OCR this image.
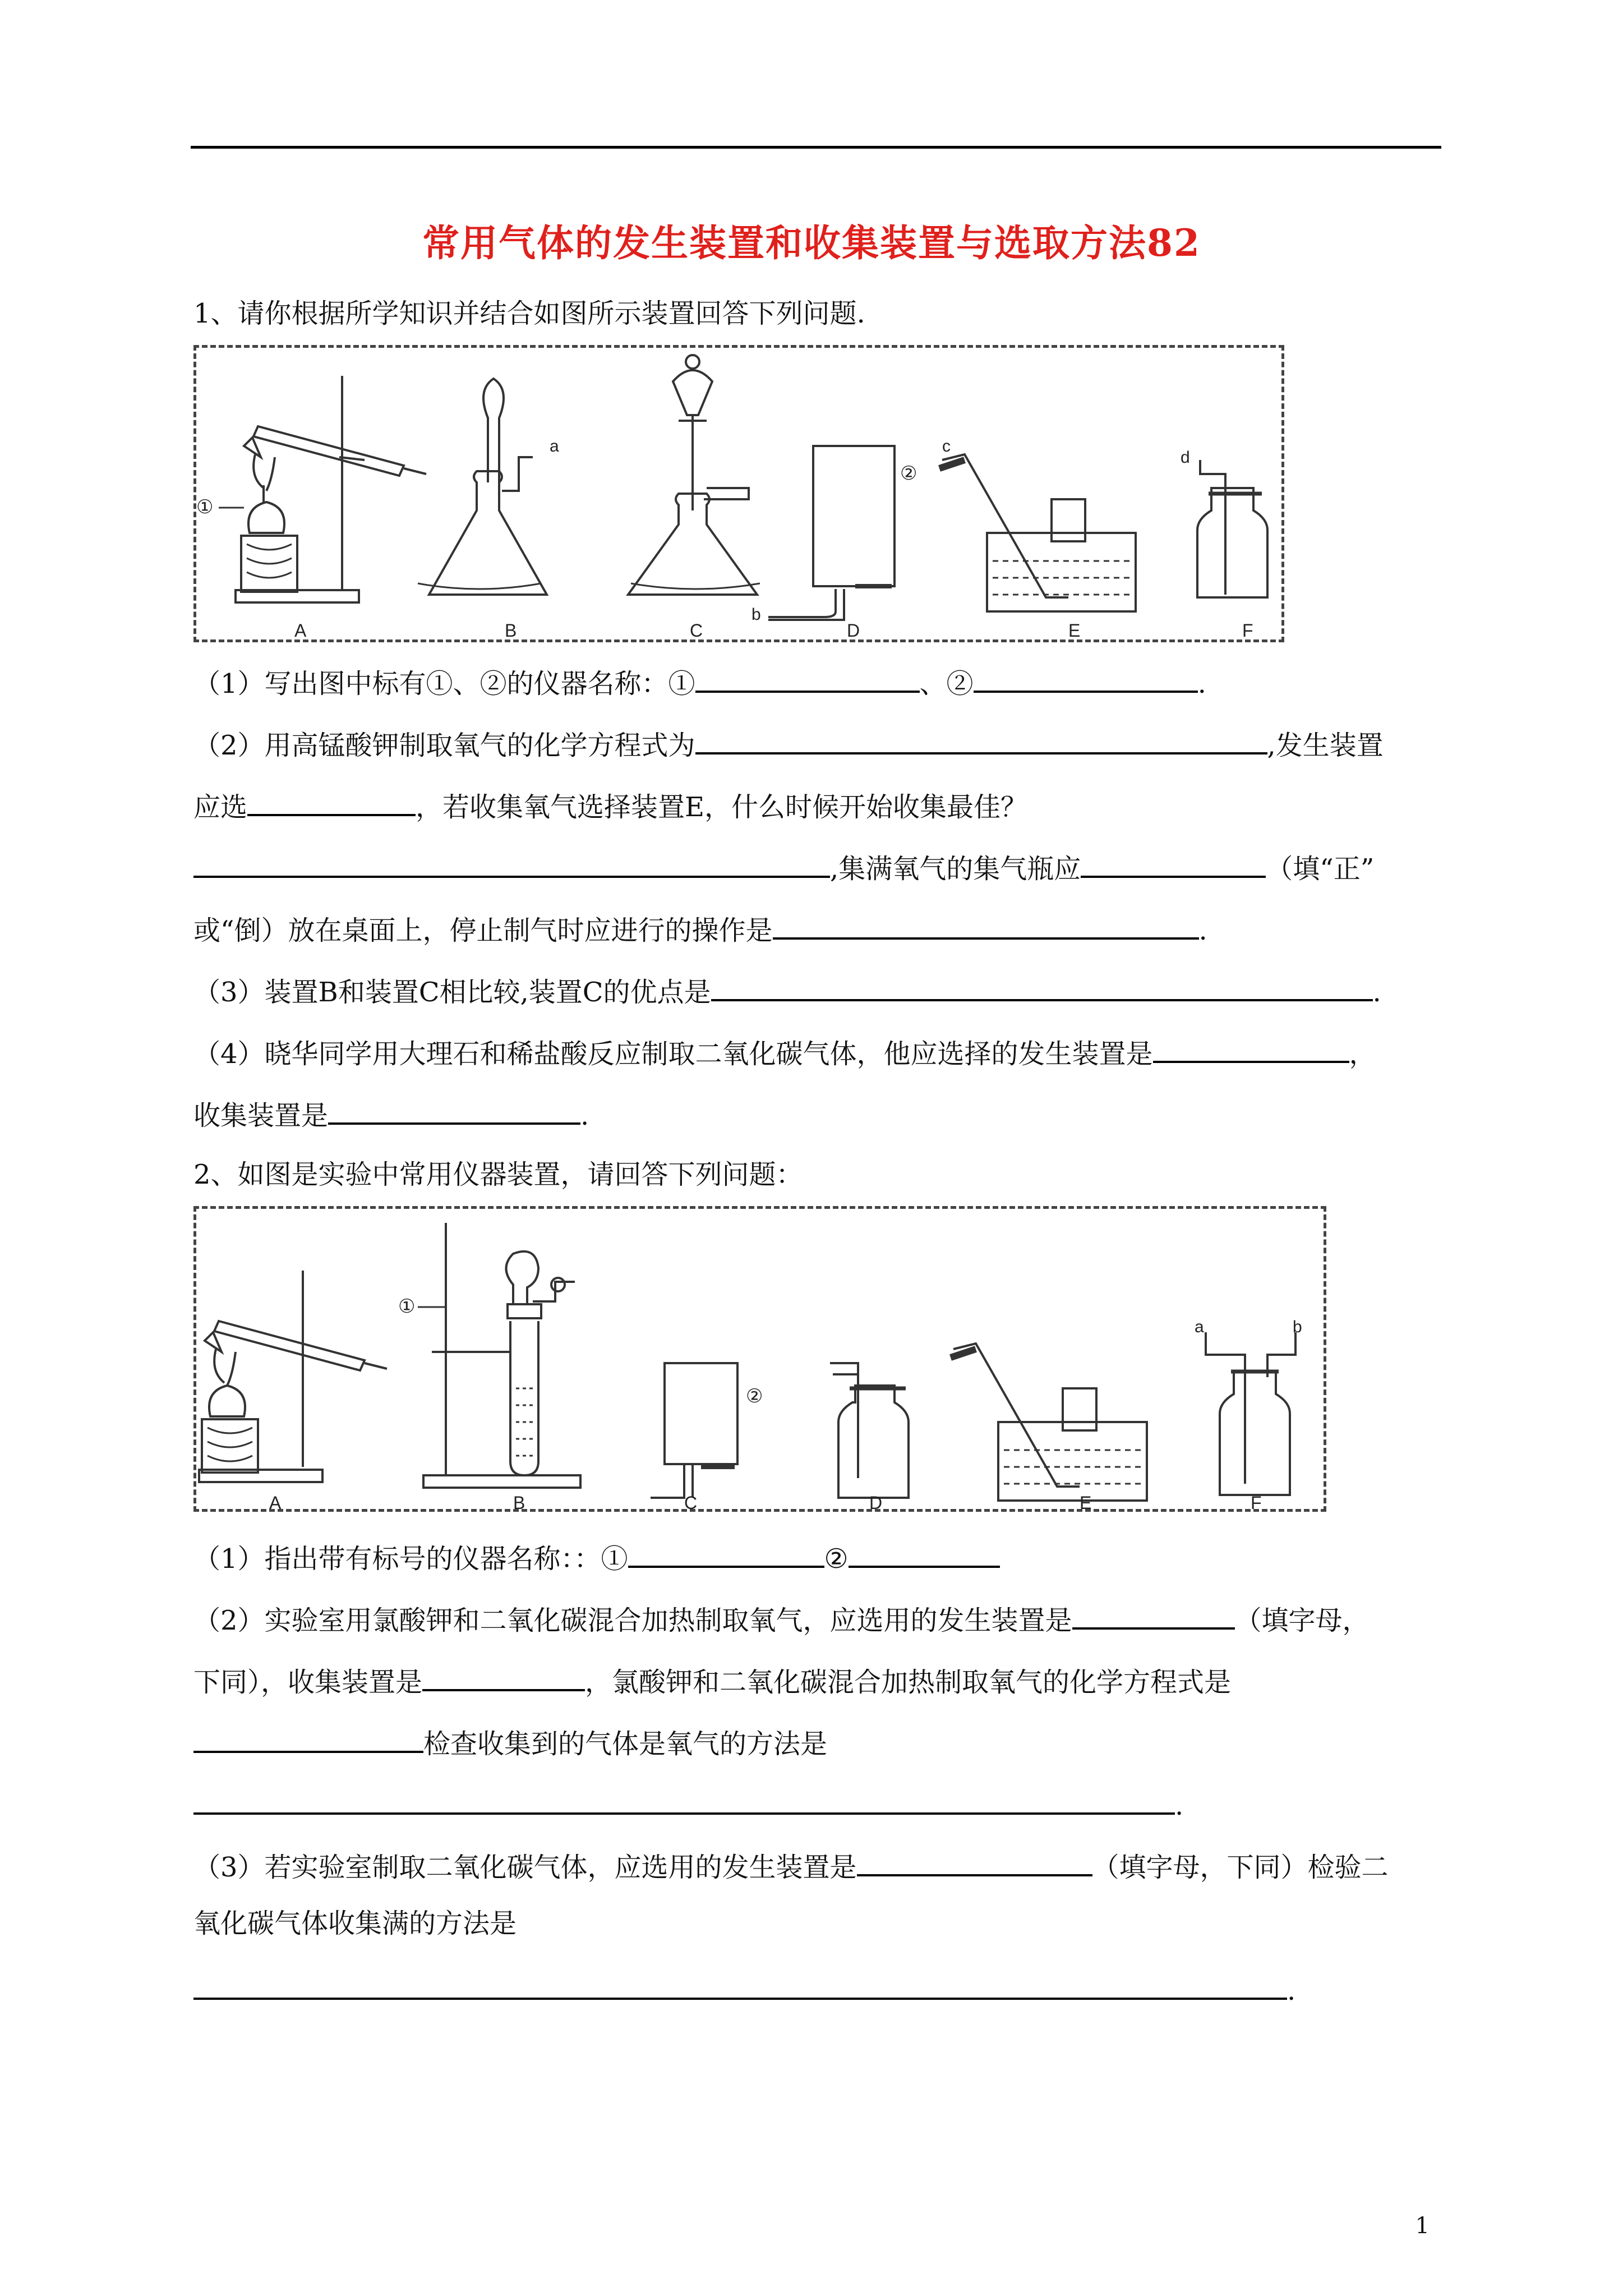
常用气体的发生装置和收集装置与选取方法82
1、请你根据所学知识并结合如图所示装置回答下列问题.
①
a
②
b
c
d
A	B	C	D	E	F
（1）写出图中标有①、②的仪器名称：①	、②	.
（2）用高锰酸钾制取氧气的化学方程式为	,发生装置
应选	，若收集氧气选择装置E，什么时候开始收集最佳？
,集满氧气的集气瓶应	（填“正”
或“倒）放在桌面上，停止制气时应进行的操作是	.
（3）装置B和装置C相比较,装置C的优点是	.
（4）晓华同学用大理石和稀盐酸反应制取二氧化碳气体，他应选择的发生装置是	，
收集装置是	.
2、如图是实验中常用仪器装置，请回答下列问题：
①
②
a	b
A	B	C	D	E	F
（1）指出带有标号的仪器名称：：①	②
（2）实验室用氯酸钾和二氧化碳混合加热制取氧气，应选用的发生装置是	（填字母，
下同），收集装置是	，氯酸钾和二氧化碳混合加热制取氧气的化学方程式是
检查收集到的气体是氧气的方法是
.
（3）若实验室制取二氧化碳气体，应选用的发生装置是	（填字母，下同）检验二
氧化碳气体收集满的方法是
.
1
